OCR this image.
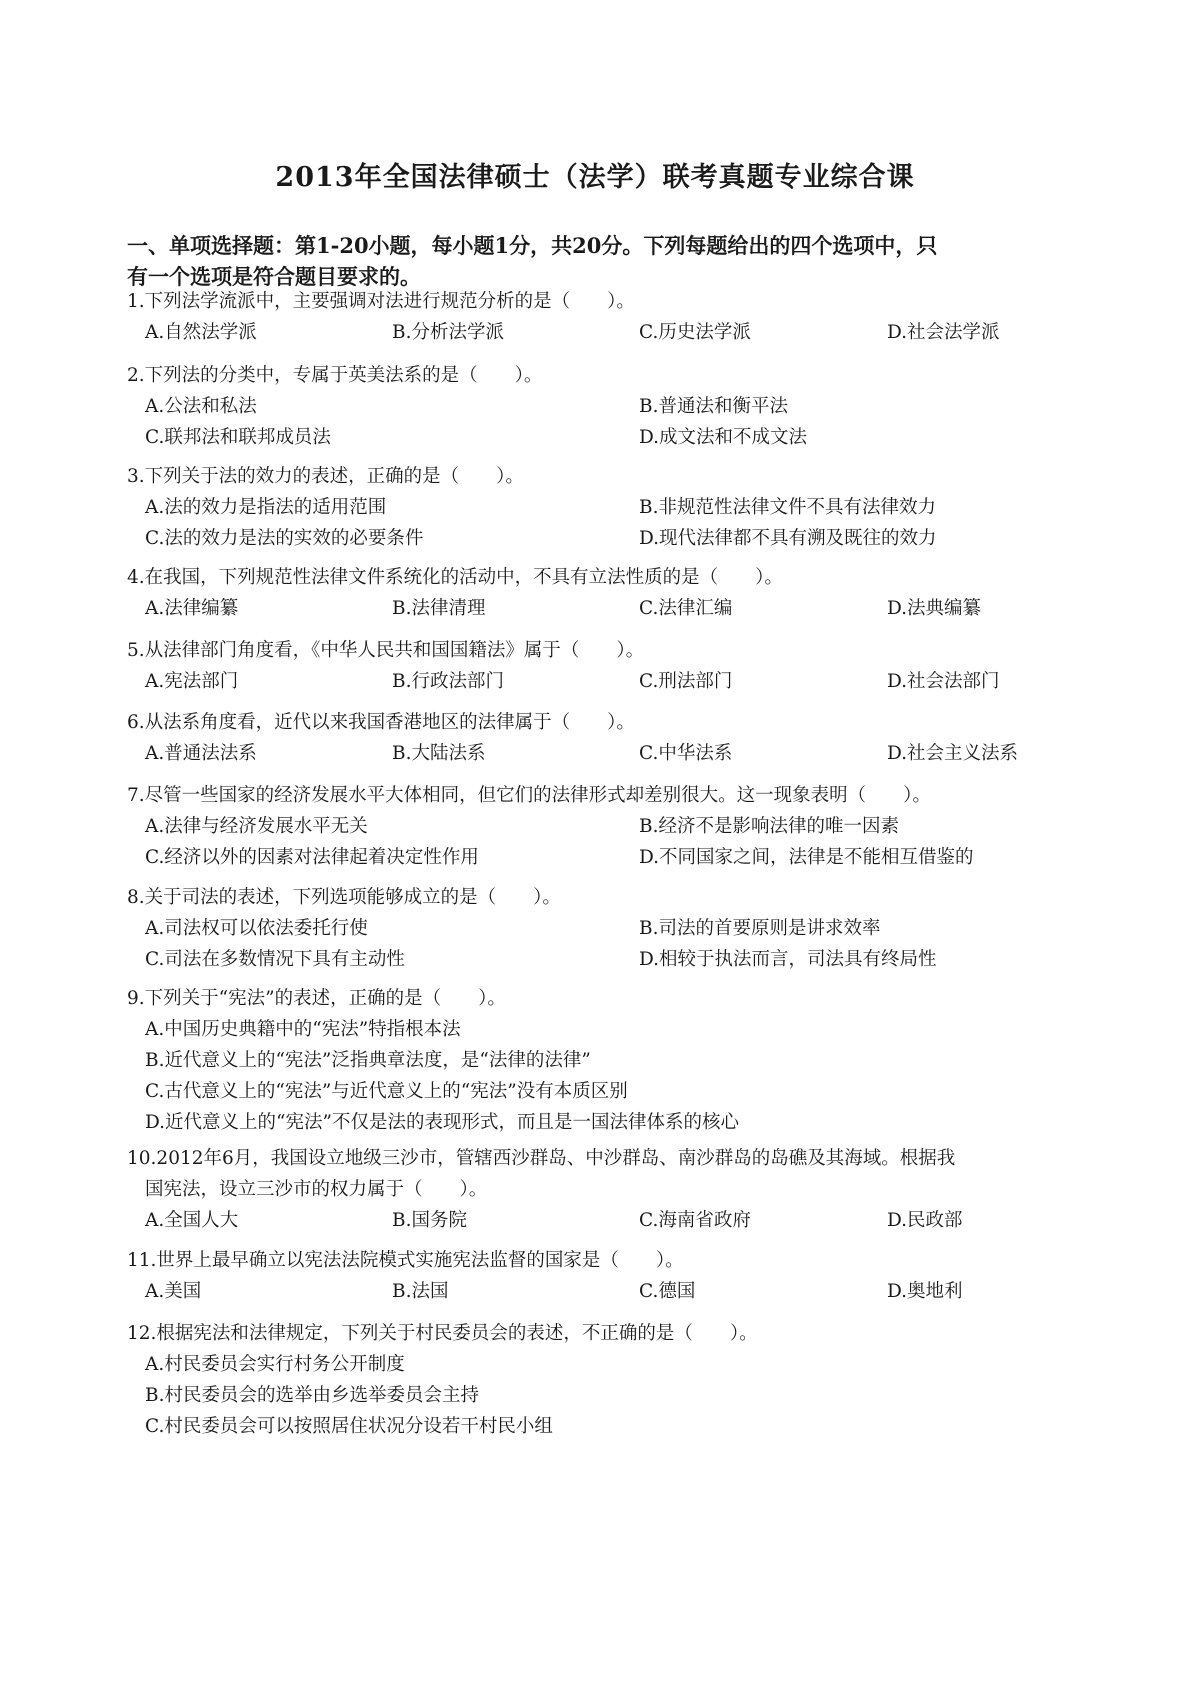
2013年全国法律硕士（法学）联考真题专业综合课
一、单项选择题：第1-20小题，每小题1分，共20分。下列每题给出的四个选项中，只
有一个选项是符合题目要求的。
1.下列法学流派中，主要强调对法进行规范分析的是（　　）。
A.自然法学派	B.分析法学派	C.历史法学派	D.社会法学派
2.下列法的分类中，专属于英美法系的是（　　）。
A.公法和私法	B.普通法和衡平法
C.联邦法和联邦成员法	D.成文法和不成文法
3.下列关于法的效力的表述，正确的是（　　）。
A.法的效力是指法的适用范围	B.非规范性法律文件不具有法律效力
C.法的效力是法的实效的必要条件	D.现代法律都不具有溯及既往的效力
4.在我国，下列规范性法律文件系统化的活动中，不具有立法性质的是（　　）。
A.法律编纂	B.法律清理	C.法律汇编	D.法典编纂
5.从法律部门角度看，《中华人民共和国国籍法》属于（　　）。
A.宪法部门	B.行政法部门	C.刑法部门	D.社会法部门
6.从法系角度看，近代以来我国香港地区的法律属于（　　）。
A.普通法法系	B.大陆法系	C.中华法系	D.社会主义法系
7.尽管一些国家的经济发展水平大体相同，但它们的法律形式却差别很大。这一现象表明（　　）。
A.法律与经济发展水平无关	B.经济不是影响法律的唯一因素
C.经济以外的因素对法律起着决定性作用	D.不同国家之间，法律是不能相互借鉴的
8.关于司法的表述，下列选项能够成立的是（　　）。
A.司法权可以依法委托行使	B.司法的首要原则是讲求效率
C.司法在多数情况下具有主动性	D.相较于执法而言，司法具有终局性
9.下列关于“宪法”的表述，正确的是（　　）。
A.中国历史典籍中的“宪法”特指根本法
B.近代意义上的“宪法”泛指典章法度，是“法律的法律”
C.古代意义上的“宪法”与近代意义上的“宪法”没有本质区别
D.近代意义上的“宪法”不仅是法的表现形式，而且是一国法律体系的核心
10.2012年6月，我国设立地级三沙市，管辖西沙群岛、中沙群岛、南沙群岛的岛礁及其海域。根据我
国宪法，设立三沙市的权力属于（　　）。
A.全国人大	B.国务院	C.海南省政府	D.民政部
11.世界上最早确立以宪法法院模式实施宪法监督的国家是（　　）。
A.美国	B.法国	C.德国	D.奥地利
12.根据宪法和法律规定，下列关于村民委员会的表述，不正确的是（　　）。
A.村民委员会实行村务公开制度
B.村民委员会的选举由乡选举委员会主持
C.村民委员会可以按照居住状况分设若干村民小组
